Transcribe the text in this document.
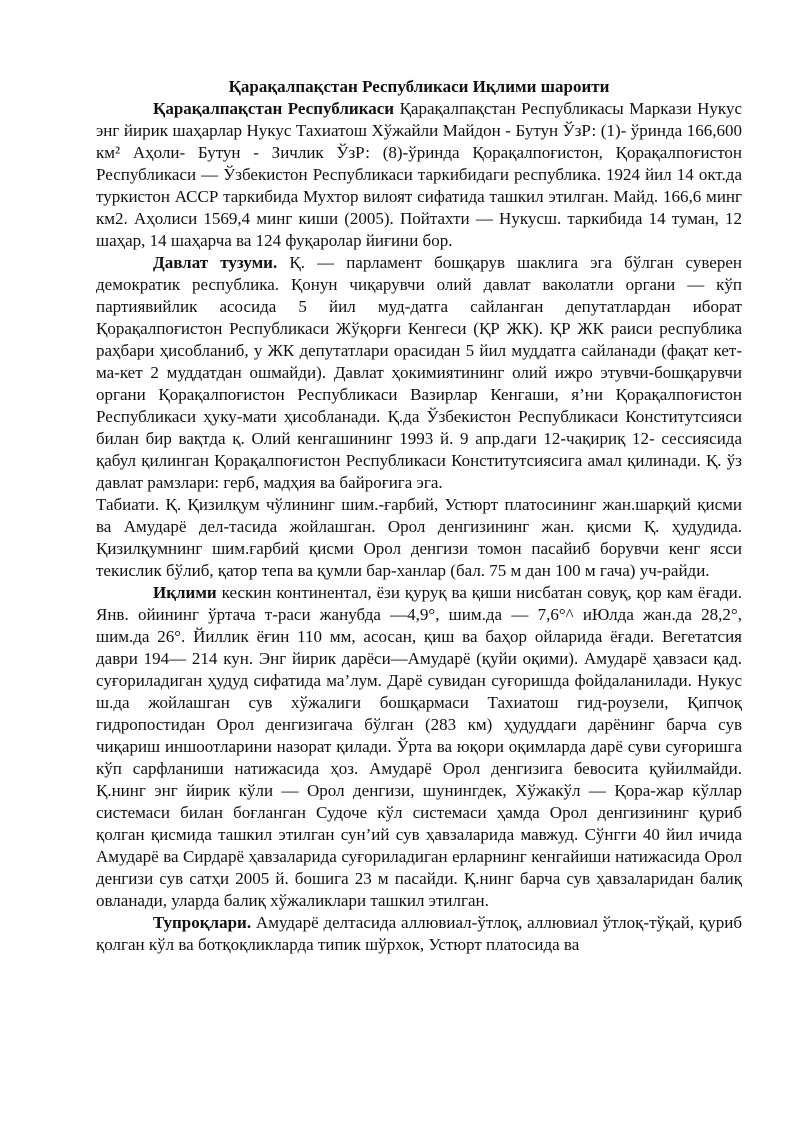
Қарақалпақстан Республикаси Иқлими шароити

Қарақалпақстан Республикаси Қарақалпақстан Республикасы Маркази Нукус энг йирик шаҳарлар Нукус Тахиатош Хўжайли Майдон - Бутун ЎзР: (1)- ўринда 166,600 км² Аҳоли- Бутун - Зичлик ЎзР: (8)-ўринда Қорақалпоғистон, Қорақалпоғистон Республикаси — Ўзбекистон Республикаси таркибидаги республика. 1924 йил 14 окт.да туркистон АССР таркибида Мухтор вилоят сифатида ташкил этилган. Майд. 166,6 минг км2. Аҳолиси 1569,4 минг киши (2005). Пойтахти — Нукусш. таркибида 14 туман, 12 шаҳар, 14 шаҳарча ва 124 фуқаролар йиғини бор.

Давлат тузуми. Қ. — парламент бошқарув шаклига эга бўлган суверен демократик республика. Қонун чиқарувчи олий давлат ваколатли органи — кўп партиявийлик асосида 5 йил муд-датга сайланган депутатлардан иборат Қорақалпоғистон Республикаси Жўқорғи Кенгеси (ҚР ЖК). ҚР ЖК раиси республика раҳбари ҳисобланиб, у ЖК депутатлари орасидан 5 йил муддатга сайланади (фақат кет-ма-кет 2 муддатдан ошмайди). Давлат ҳокимиятининг олий ижро этувчи-бошқарувчи органи Қорақалпоғистон Республикаси Вазирлар Кенгаши, я’ни Қорақалпоғистон Республикаси ҳуку-мати ҳисобланади. Қ.да Ўзбекистон Республикаси Конститутсияси билан бир вақтда қ. Олий кенгашининг 1993 й. 9 апр.даги 12-чақириқ 12- сессиясида қабул қилинган Қорақалпоғистон Республикаси Конститутсиясига амал қилинади. Қ. ўз давлат рамзлари: герб, мадҳия ва байроғига эга.

Табиати. Қ. Қизилқум чўлининг шим.-ғарбий, Устюрт платосининг жан.шарқий қисми ва Амударё дел-тасида жойлашган. Орол денгизининг жан. қисми Қ. ҳудудида. Қизилқумнинг шим.ғарбий қисми Орол денгизи томон пасайиб борувчи кенг ясси текислик бўлиб, қатор тепа ва қумли бар-ханлар (бал. 75 м дан 100 м гача) уч-райди.

Иқлими кескин континентал, ёзи қуруқ ва қиши нисбатан совуқ, қор кам ёғади. Янв. ойининг ўртача т-раси жанубда —4,9°, шим.да — 7,6°^ иЮлда жан.да 28,2°, шим.да 26°. Йиллик ёғин 110 мм, асосан, қиш ва баҳор ойларида ёғади. Вегетатсия даври 194— 214 кун. Энг йирик дарёси—Амударё (қуйи оқими). Амударё ҳавзаси қад. суғориладиган ҳудуд сифатида ма’лум. Дарё сувидан суғоришда фойдаланилади. Нукус ш.да жойлашган сув хўжалиги бошқармаси Тахиатош гид-роузели, Қипчоқ гидропостидан Орол денгизигача бўлган (283 км) ҳудуддаги дарёнинг барча сув чиқариш иншоотларини назорат қилади. Ўрта ва юқори оқимларда дарё суви суғоришга кўп сарфланиши натижасида ҳоз. Амударё Орол денгизига бевосита қуйилмайди. Қ.нинг энг йирик кўли — Орол денгизи, шунингдек, Хўжакўл — Қора-жар кўллар системаси билан боғланган Судоче кўл системаси ҳамда Орол денгизининг қуриб қолган қисмида ташкил этилган сун’ий сув ҳавзаларида мавжуд. Сўнгги 40 йил ичида Амударё ва Сирдарё ҳавзаларида суғориладиган ерларнинг кенгайиши натижасида Орол денгизи сув сатҳи 2005 й. бошига 23 м пасайди. Қ.нинг барча сув ҳавзаларидан балиқ овланади, уларда балиқ хўжаликлари ташкил этилган.

Тупроқлари. Амударё делтасида аллювиал-ўтлоқ, аллювиал ўтлоқ-тўқай, қуриб қолган кўл ва ботқоқликларда типик шўрхок, Устюрт платосида ва
